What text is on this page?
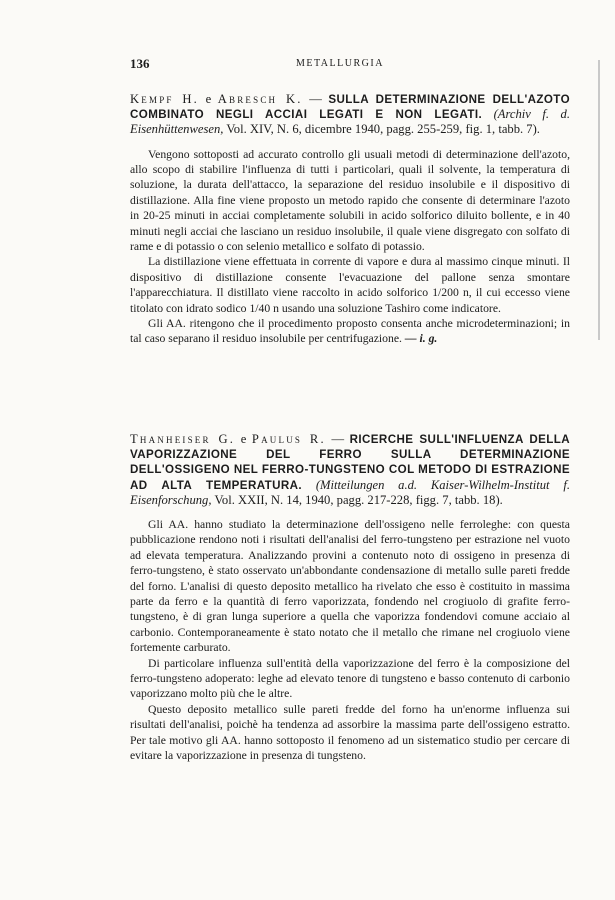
136	METALLURGIA

Kempf H. e Abresch K. — SULLA DETERMINAZIONE DELL'AZOTO COMBINATO NEGLI ACCIAI LEGATI E NON LEGATI. (Archiv f. d. Eisenhüttenwesen, Vol. XIV, N. 6, dicembre 1940, pagg. 255-259, fig. 1, tabb. 7).

Vengono sottoposti ad accurato controllo gli usuali metodi di determinazione dell'azoto, allo scopo di stabilire l'influenza di tutti i particolari, quali il solvente, la temperatura di soluzione, la durata dell'attacco, la separazione del residuo insolubile e il dispositivo di distillazione. Alla fine viene proposto un metodo rapido che consente di determinare l'azoto in 20-25 minuti in acciai completamente solubili in acido solforico diluito bollente, e in 40 minuti negli acciai che lasciano un residuo insolubile, il quale viene disgregato con solfato di rame e di potassio o con selenio metallico e solfato di potassio.

La distillazione viene effettuata in corrente di vapore e dura al massimo cinque minuti. Il dispositivo di distillazione consente l'evacuazione del pallone senza smontare l'apparecchiatura. Il distillato viene raccolto in acido solforico 1/200 n, il cui eccesso viene titolato con idrato sodico 1/40 n usando una soluzione Tashiro come indicatore.

Gli AA. ritengono che il procedimento proposto consenta anche microdeterminazioni; in tal caso separano il residuo insolubile per centrifugazione. — i. g.

Thanheiser G. e Paulus R. — RICERCHE SULL'INFLUENZA DELLA VAPORIZZAZIONE DEL FERRO SULLA DETERMINAZIONE DELL'OSSIGENO NEL FERRO-TUNGSTENO COL METODO DI ESTRAZIONE AD ALTA TEMPERATURA. (Mitteilungen a.d. Kaiser-Wilhelm-Institut f. Eisenforschung, Vol. XXII, N. 14, 1940, pagg. 217-228, figg. 7, tabb. 18).

Gli AA. hanno studiato la determinazione dell'ossigeno nelle ferroleghe: con questa pubblicazione rendono noti i risultati dell'analisi del ferro-tungsteno per estrazione nel vuoto ad elevata temperatura. Analizzando provini a contenuto noto di ossigeno in presenza di ferro-tungsteno, è stato osservato un'abbondante condensazione di metallo sulle pareti fredde del forno. L'analisi di questo deposito metallico ha rivelato che esso è costituito in massima parte da ferro e la quantità di ferro vaporizzata, fondendo nel crogiuolo di grafite ferro-tungsteno, è di gran lunga superiore a quella che vaporizza fondendovi comune acciaio al carbonio. Contemporaneamente è stato notato che il metallo che rimane nel crogiuolo viene fortemente carburato.

Di particolare influenza sull'entità della vaporizzazione del ferro è la composizione del ferro-tungsteno adoperato: leghe ad elevato tenore di tungsteno e basso contenuto di carbonio vaporizzano molto più che le altre.

Questo deposito metallico sulle pareti fredde del forno ha un'enorme influenza sui risultati dell'analisi, poichè ha tendenza ad assorbire la massima parte dell'ossigeno estratto. Per tale motivo gli AA. hanno sottoposto il fenomeno ad un sistematico studio per cercare di evitare la vaporizzazione in presenza di tungsteno.
